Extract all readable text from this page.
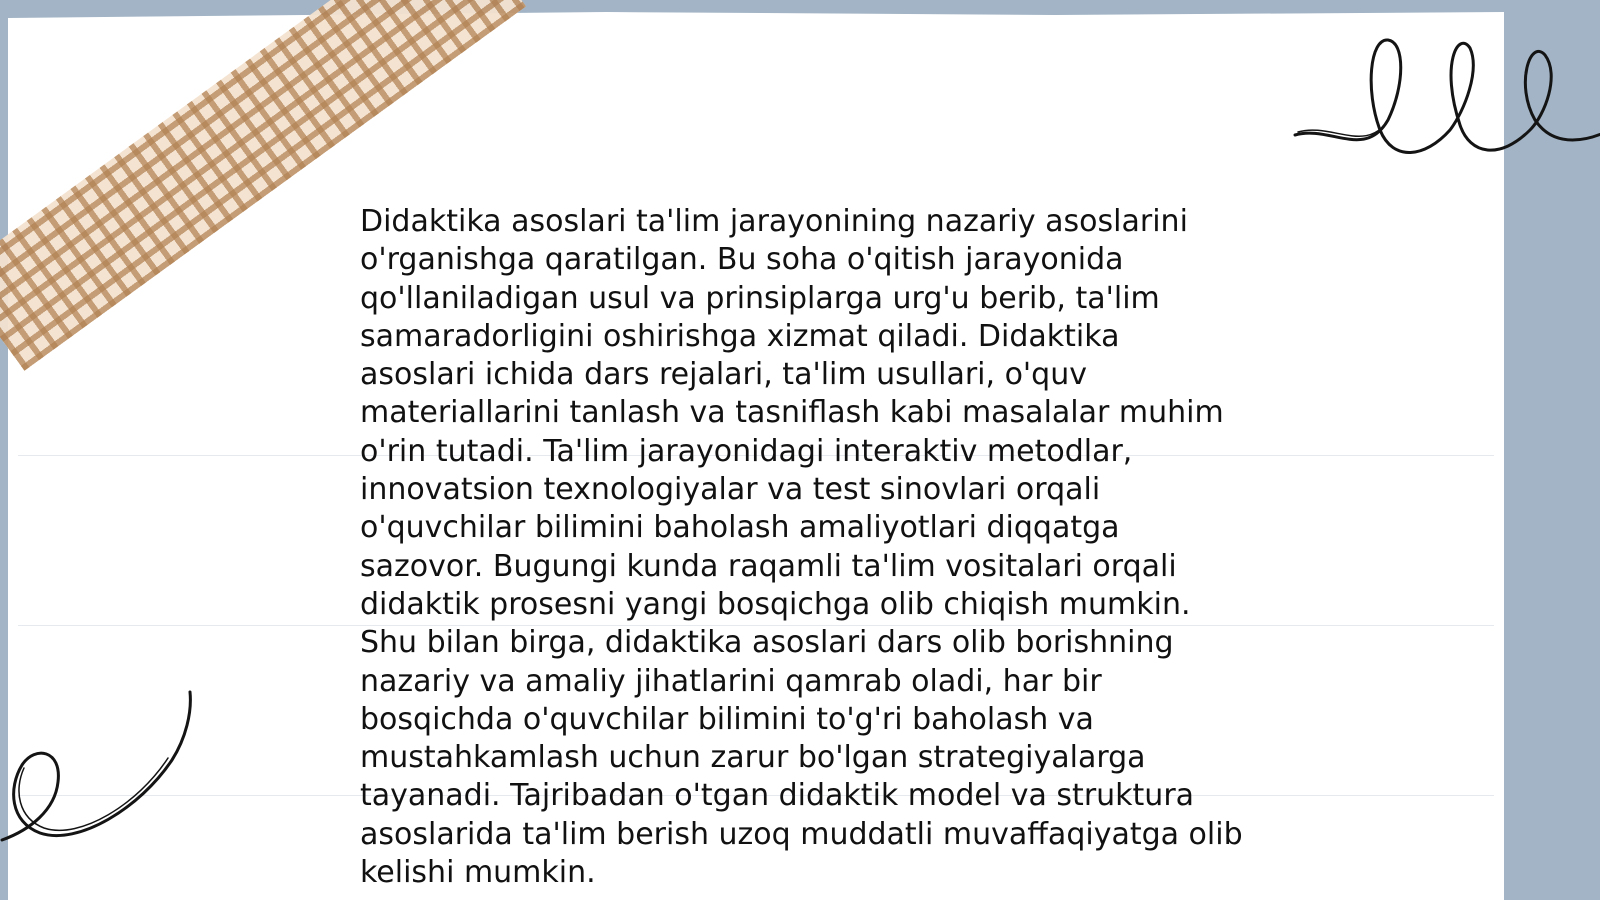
Didaktika asoslari ta'lim jarayonining nazariy asoslarini
o'rganishga qaratilgan. Bu soha o'qitish jarayonida
qo'llaniladigan usul va prinsiplarga urg'u berib, ta'lim
samaradorligini oshirishga xizmat qiladi. Didaktika
asoslari ichida dars rejalari, ta'lim usullari, o'quv
materiallarini tanlash va tasniflash kabi masalalar muhim
o'rin tutadi. Ta'lim jarayonidagi interaktiv metodlar,
innovatsion texnologiyalar va test sinovlari orqali
o'quvchilar bilimini baholash amaliyotlari diqqatga
sazovor. Bugungi kunda raqamli ta'lim vositalari orqali
didaktik prosesni yangi bosqichga olib chiqish mumkin.
Shu bilan birga, didaktika asoslari dars olib borishning
nazariy va amaliy jihatlarini qamrab oladi, har bir
bosqichda o'quvchilar bilimini to'g'ri baholash va
mustahkamlash uchun zarur bo'lgan strategiyalarga
tayanadi. Tajribadan o'tgan didaktik model va struktura
asoslarida ta'lim berish uzoq muddatli muvaffaqiyatga olib
kelishi mumkin.
